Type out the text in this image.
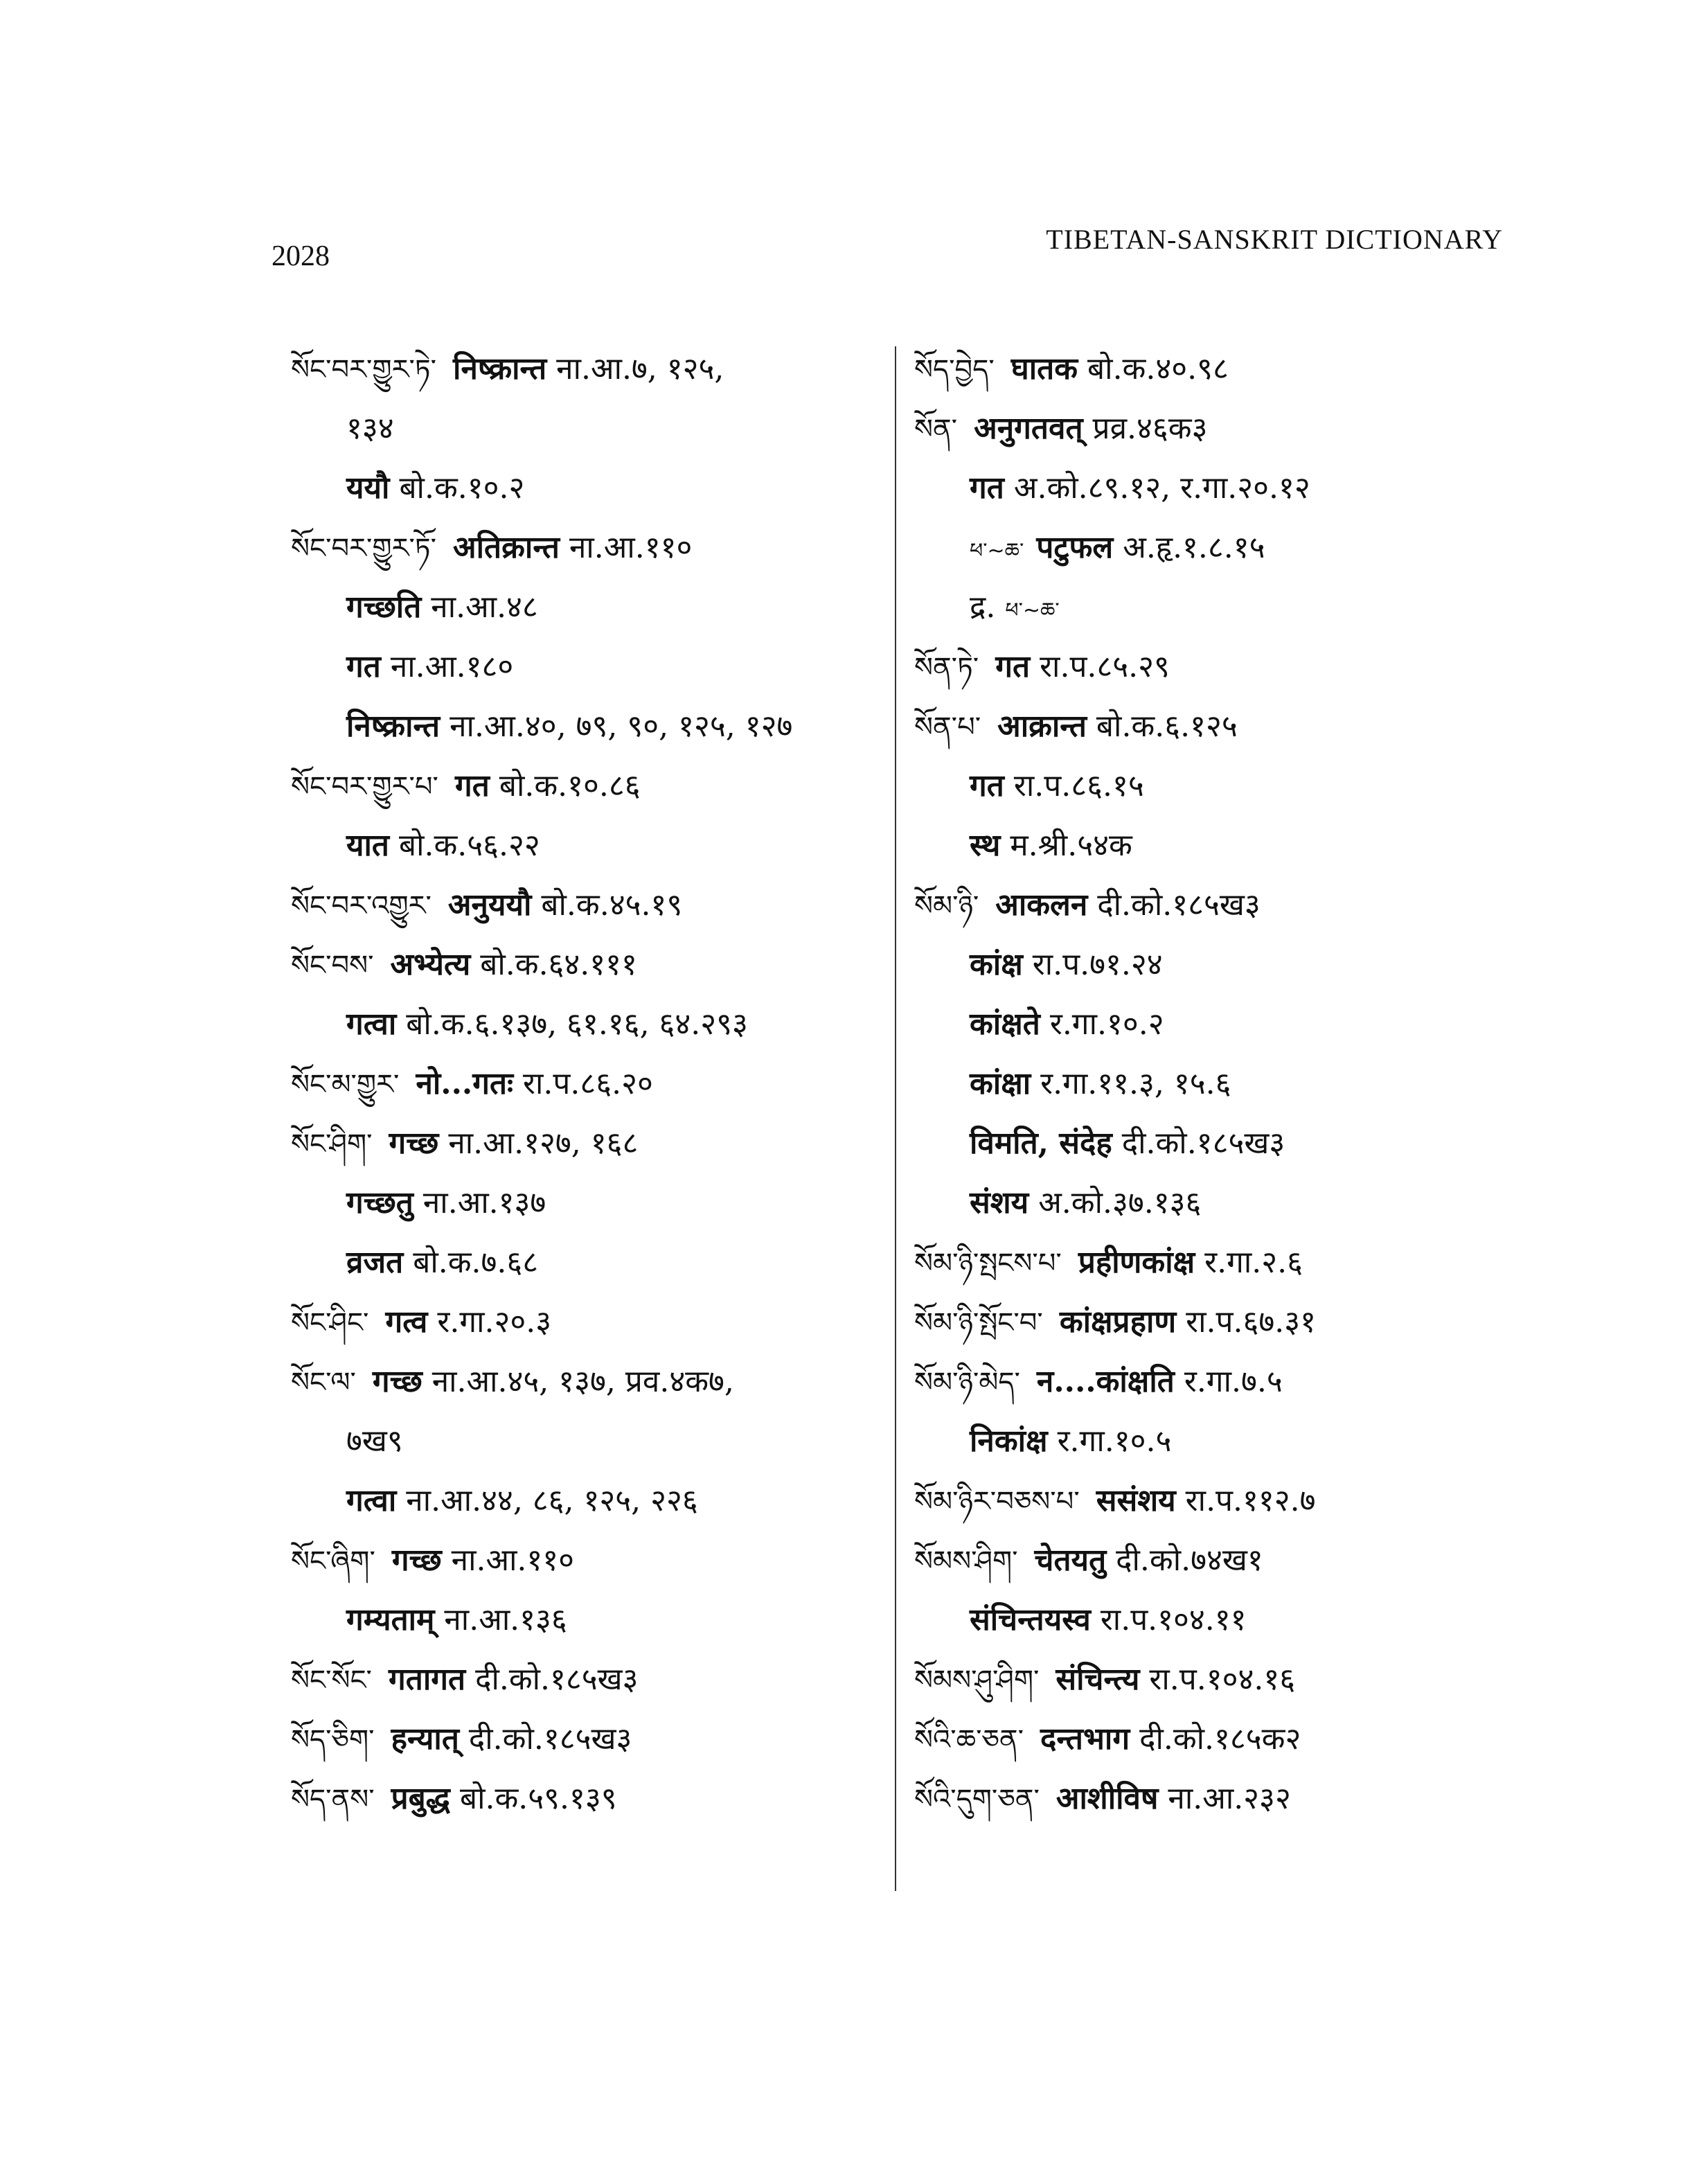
2028
TIBETAN-SANSKRIT DICTIONARY
སོང་བར་གྱུར་ཏེ་ निष्क्रान्त ना.आ.७, १२५,
१३४
ययौ बो.क.१०.२
སོང་བར་གྱུར་ཏོ་ अतिक्रान्त ना.आ.११०
गच्छति ना.आ.४८
गत ना.आ.१८०
निष्क्रान्त ना.आ.४०, ७९, ९०, १२५, १२७
སོང་བར་གྱུར་པ་ गत बो.क.१०.८६
यात बो.क.५६.२२
སོང་བར་འགྱུར་ अनुययौ बो.क.४५.१९
སོང་བས་ अभ्येत्य बो.क.६४.१११
गत्वा बो.क.६.१३७, ६१.१६, ६४.२९३
སོང་མ་གྱུར་ नो...गतः रा.प.८६.२०
སོང་ཤིག་ गच्छ ना.आ.१२७, १६८
गच्छतु ना.आ.१३७
व्रजत बो.क.७.६८
སོང་ཤིང་ गत्व र.गा.२०.३
སོང་ལ་ गच्छ ना.आ.४५, १३७, प्रव.४क७,
७ख९
गत्वा ना.आ.४४, ८६, १२५, २२६
སོང་ཞིག་ गच्छ ना.आ.११०
गम्यताम् ना.आ.१३६
སོང་སོང་ गतागत दी.को.१८५ख३
སོད་ཅིག་ हन्यात् दी.को.१८५ख३
སོད་ནས་ प्रबुद्ध बो.क.५९.१३९
སོད་བྱེད་ घातक बो.क.४०.९८
སོན་ अनुगतवत् प्रव्र.४६क३
गत अ.को.८९.१२, र.गा.२०.१२
ཕ་~ཆ་ पटुफल अ.हृ.१.८.१५
द्र. ཕ་~ཆ་
སོན་ཏེ་ गत रा.प.८५.२९
སོན་པ་ आक्रान्त बो.क.६.१२५
गत रा.प.८६.१५
स्थ म.श्री.५४क
སོམ་ཉི་ आकलन दी.को.१८५ख३
कांक्ष रा.प.७१.२४
कांक्षते र.गा.१०.२
कांक्षा र.गा.११.३, १५.६
विमति, संदेह दी.को.१८५ख३
संशय अ.को.३७.१३६
སོམ་ཉི་སྤངས་པ་ प्रहीणकांक्ष र.गा.२.६
སོམ་ཉི་སྤོང་བ་ कांक्षप्रहाण रा.प.६७.३१
སོམ་ཉི་མེད་ न....कांक्षति र.गा.७.५
निकांक्ष र.गा.१०.५
སོམ་ཉིར་བཅས་པ་ ससंशय रा.प.११२.७
སོམས་ཤིག་ चेतयतु दी.को.७४ख१
संचिन्तयस्व रा.प.१०४.११
སོམས་ཤུ་ཤིག་ संचिन्त्य रा.प.१०४.१६
སོའི་ཆ་ཅན་ दन्तभाग दी.को.१८५क२
སོའི་དུག་ཅན་ आशीविष ना.आ.२३२
